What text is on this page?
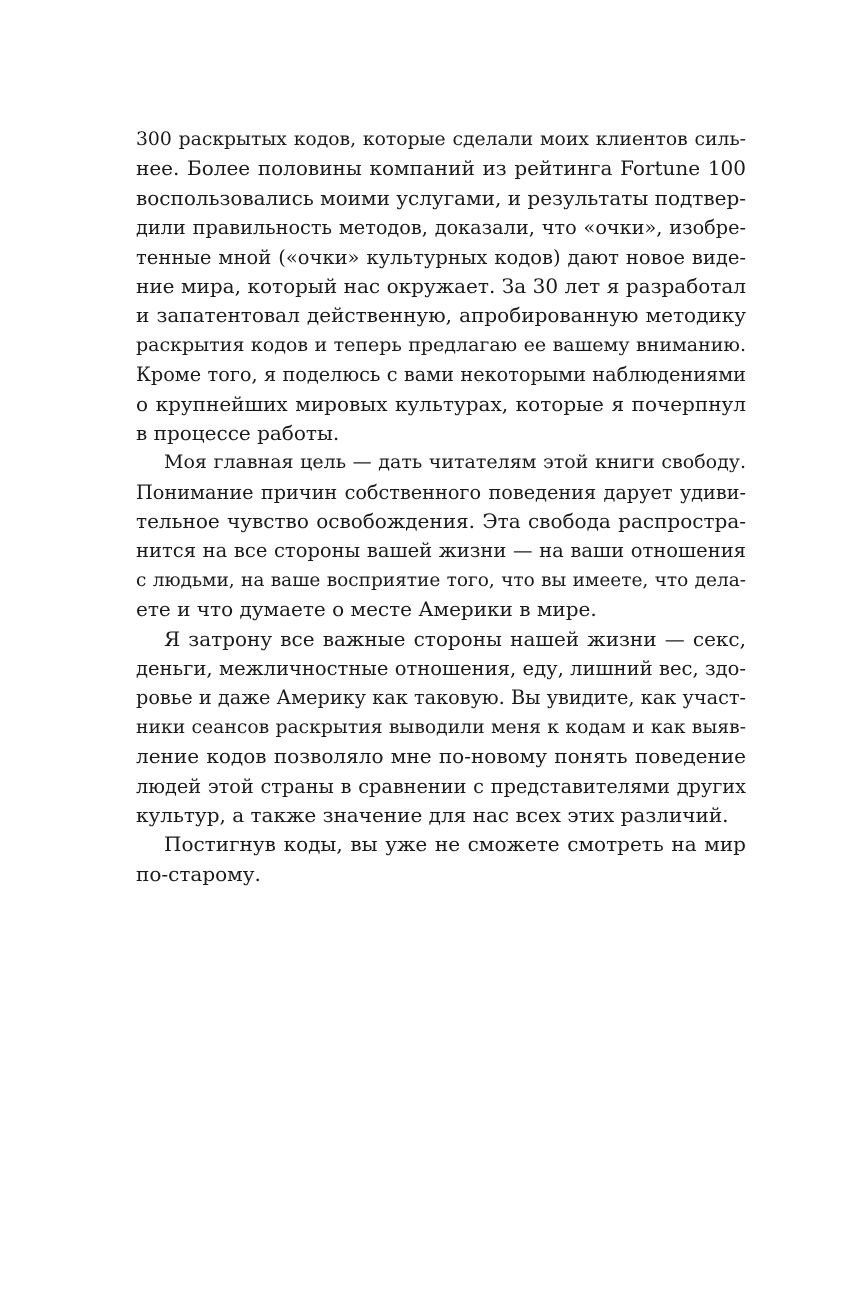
300 раскрытых кодов, которые сделали моих клиентов силь-
нее. Более половины компаний из рейтинга Fortune 100
воспользовались моими услугами, и результаты подтвер-
дили правильность методов, доказали, что «очки», изобре-
тенные мной («очки» культурных кодов) дают новое виде-
ние мира, который нас окружает. За 30 лет я разработал
и запатентовал действенную, апробированную методику
раскрытия кодов и теперь предлагаю ее вашему вниманию.
Кроме того, я поделюсь с вами некоторыми наблюдениями
о крупнейших мировых культурах, которые я почерпнул
в процессе работы.
Моя главная цель — дать читателям этой книги свободу.
Понимание причин собственного поведения дарует удиви-
тельное чувство освобождения. Эта свобода распростра-
нится на все стороны вашей жизни — на ваши отношения
с людьми, на ваше восприятие того, что вы имеете, что дела-
ете и что думаете о месте Америки в мире.
Я затрону все важные стороны нашей жизни — секс,
деньги, межличностные отношения, еду, лишний вес, здо-
ровье и даже Америку как таковую. Вы увидите, как участ-
ники сеансов раскрытия выводили меня к кодам и как выяв-
ление кодов позволяло мне по-новому понять поведение
людей этой страны в сравнении с представителями других
культур, а также значение для нас всех этих различий.
Постигнув коды, вы уже не сможете смотреть на мир
по-старому.
